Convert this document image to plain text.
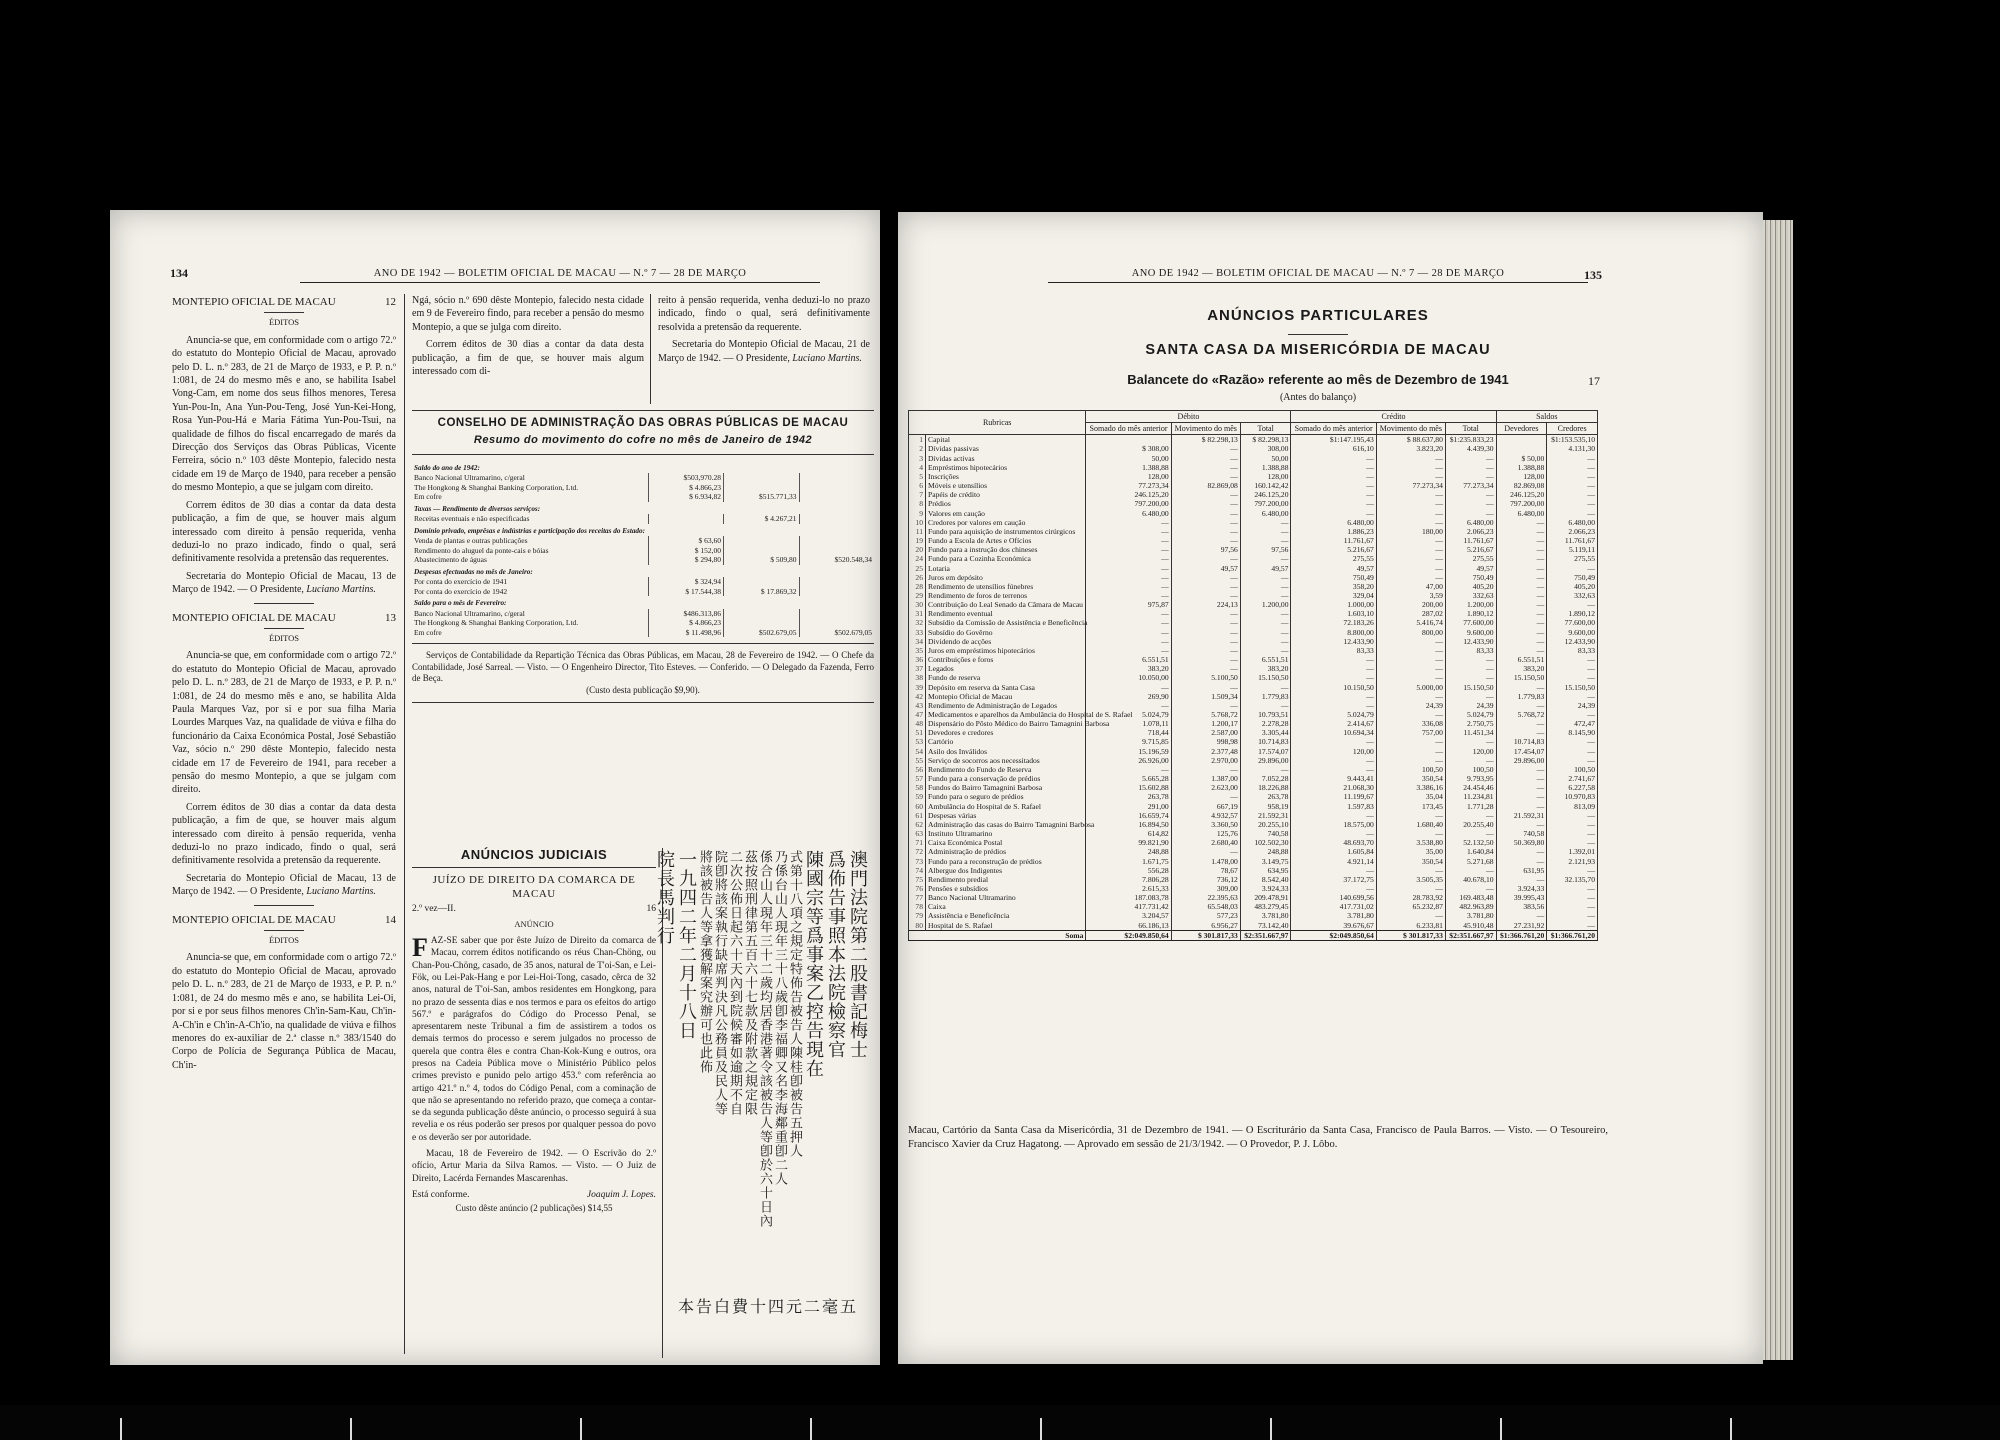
134	ANO DE 1942 — BOLETIM OFICIAL DE MACAU — N.º 7 — 28 DE MARÇO
MONTEPIO OFICIAL DE MACAU	12
ÉDITOS

Anuncia-se que, em conformidade com o artigo 72.º do estatuto do Montepio Oficial de Macau, aprovado pelo D. L. n.º 283, de 21 de Março de 1933, e P. P. n.º 1:081, de 24 do mesmo mês e ano, se habilita Isabel Vong-Cam, em nome dos seus filhos menores, Teresa Yun-Pou-In, Ana Yun-Pou-Teng, José Yun-Kei-Hong, Rosa Yun-Pou-Há e Maria Fátima Yun-Pou-Tsui, na qualidade de filhos do fiscal encarregado de marés da Direcção dos Serviços das Obras Públicas, Vicente Ferreira, sócio n.º 103 dêste Montepio, falecido nesta cidade em 19 de Março de 1940, para receber a pensão do mesmo Montepio, a que se julgam com direito.

Correm éditos de 30 dias a contar da data desta publicação, a fim de que, se houver mais algum interessado com direito à pensão requerida, venha deduzi-lo no prazo indicado, findo o qual, será definitivamente resolvida a pretensão das requerentes.

Secretaria do Montepio Oficial de Macau, 13 de Março de 1942. — O Presidente, Luciano Martins.

MONTEPIO OFICIAL DE MACAU	13
ÉDITOS

Anuncia-se que, em conformidade com o artigo 72.º do estatuto do Montepio Oficial de Macau, aprovado pelo D. L. n.º 283, de 21 de Março de 1933, e P. P. n.º 1:081, de 24 do mesmo mês e ano, se habilita Alda Paula Marques Vaz, por si e por sua filha Maria Lourdes Marques Vaz, na qualidade de viúva e filha do funcionário da Caixa Económica Postal, José Sebastião Vaz, sócio n.º 290 dêste Montepio, falecido nesta cidade em 17 de Fevereiro de 1941, para receber a pensão do mesmo Montepio, a que se julgam com direito.

Correm éditos de 30 dias a contar da data desta publicação, a fim de que, se houver mais algum interessado com direito à pensão requerida, venha deduzi-lo no prazo indicado, findo o qual, será definitivamente resolvida a pretensão da requerente.

Secretaria do Montepio Oficial de Macau, 13 de Março de 1942. — O Presidente, Luciano Martins.

MONTEPIO OFICIAL DE MACAU	14
ÉDITOS

Anuncia-se que, em conformidade com o artigo 72.º do estatuto do Montepio Oficial de Macau, aprovado pelo D. L. n.º 283, de 21 de Março de 1933, e P. P. n.º 1:081, de 24 do mesmo mês e ano, se habilita Lei-Oi, por si e por seus filhos menores Ch'in-Sam-Kau, Ch'in-A-Ch'in e Ch'in-A-Ch'io, na qualidade de viúva e filhos menores do ex-auxiliar de 2.ª classe n.º 383/1540 do Corpo de Polícia de Segurança Pública de Macau, Ch'in-

Ngá, sócio n.º 690 dêste Montepio, falecido nesta cidade em 9 de Fevereiro findo, para receber a pensão do mesmo Montepio, a que se julga com direito.

Correm éditos de 30 dias a contar da data desta publicação, a fim de que, se houver mais algum interessado com di-

reito à pensão requerida, venha deduzi-lo no prazo indicado, findo o qual, será definitivamente resolvida a pretensão da requerente.

Secretaria do Montepio Oficial de Macau, 21 de Março de 1942. — O Presidente, Luciano Martins.

CONSELHO DE ADMINISTRAÇÃO DAS OBRAS PÚBLICAS DE MACAU
Resumo do movimento do cofre no mês de Janeiro de 1942
Saldo do ano de 1942:			
Banco Nacional Ultramarino, c/geral	$503,970.28		
The Hongkong & Shanghai Banking Corporation, Ltd.	$ 4.866,23		
Em cofre	$ 6.934,82	$515.771,33	
Taxas — Rendimento de diversos serviços:			
Receitas eventuais e não especificadas		$ 4.267,21	
Domínio privado, emprêsas e indústrias e participação dos receitas do Estado:			
Venda de plantas e outras publicações	$ 63,60		
Rendimento do aluguel da ponte-cais e bóias	$ 152,00		
Abastecimento de águas	$ 294,80	$ 509,80	$520.548,34
Despesas efectuadas no mês de Janeiro:			
Por conta do exercício de 1941	$ 324,94		
Por conta do exercício de 1942	$ 17.544,38	$ 17.869,32	
Saldo para o mês de Fevereiro:			
Banco Nacional Ultramarino, c/geral	$486.313,86		
The Hongkong & Shanghai Banking Corporation, Ltd.	$ 4.866,23		
Em cofre	$ 11.498,96	$502.679,05	$502.679,05
Serviços de Contabilidade da Repartição Técnica das Obras Públicas, em Macau, 28 de Fevereiro de 1942. — O Chefe da Contabilidade, José Sarreal. — Visto. — O Engenheiro Director, Tito Esteves. — Conferido. — O Delegado da Fazenda, Ferro de Beça.
(Custo desta publicação $9,90).
ANÚNCIOS JUDICIAIS
JUÍZO DE DIREITO DA COMARCA DE MACAU
2.º vez—II.	16
ANÚNCIO
FAZ-SE saber que por êste Juízo de Direito da comarca de Macau, correm éditos notificando os réus Chan-Chöng, ou Chan-Pou-Chöng, casado, de 35 anos, natural de T'oi-San, e Lei-Fök, ou Lei-Pak-Hang e por Lei-Hoi-Tong, casado, cêrca de 32 anos, natural de T'oi-San, ambos residentes em Hongkong, para no prazo de sessenta dias e nos termos e para os efeitos do artigo 567.º e parágrafos do Código do Processo Penal, se apresentarem neste Tribunal a fim de assistirem a todos os demais termos do processo e serem julgados no processo de querela que contra êles e contra Chan-Kok-Kung e outros, ora presos na Cadeia Pública move o Ministério Público pelos crimes previsto e punido pelo artigo 453.º com referência ao artigo 421.º n.º 4, todos do Código Penal, com a cominação de que não se apresentando no referido prazo, que começa a contar-se da segunda publicação dêste anúncio, o processo seguirá à sua revelia e os réus poderão ser presos por qualquer pessoa do povo e os deverão ser por autoridade.

Macau, 18 de Fevereiro de 1942. — O Escrivão do 2.º ofício, Artur Maria da Silva Ramos. — Visto. — O Juiz de Direito, Lacérda Fernandes Mascarenhas.

Está conforme.	Joaquim J. Lopes.
Custo dêste anúncio (2 publicações) $14,55
澳門法院第二股書記梅士
爲佈告事照本法院檢察官
陳國宗等爲事案乙控告現在
式第十八項之規定特佈告被告人陳桂卽被告五押人
乃係台山人現年三十八歲卽李福卿又名李海鄰重卽二人
係合山人現年三十二歲均居香港著令該被告人等卽於六十日內
茲按照刑律第五百六十七款及附款之規定限
二次公佈日起六十天內到院候審如逾期不自
院卽將該案執行缺席判決凡公務員及民人等
將該被告人等拿獲解案究辦可也此佈
一九四二年二月十八日
院長馬判行
本告白費十四元二毫五
ANO DE 1942 — BOLETIM OFICIAL DE MACAU — N.º 7 — 28 DE MARÇO	135
ANÚNCIOS PARTICULARES
SANTA CASA DA MISERICÓRDIA DE MACAU
Balancete do «Razão» referente ao mês de Dezembro de 1941	17
(Antes do balanço)
Rubricas		Débito			Crédito			Saldos	
		Somado do mês anterior	Movimento do mês	Total	Somado do mês anterior	Movimento do mês	Total	Devedores	Credores
1	Capital		$ 82.298,13	$ 82.298,13	$1:147.195,43	$ 88.637,80	$1:235.833,23		$1:153.535,10
2	Dívidas passivas	$ 308,00	—	308,00	616,10	3.823,20	4.439,30		4.131,30
3	Dívidas activas	50,00	—	50,00	—	—	—	$ 50,00	—
4	Empréstimos hipotecários	1.388,88	—	1.388,88	—	—	—	1.388,88	—
5	Inscrições	128,00	—	128,00	—	—	—	128,00	—
6	Móveis e utensílios	77.273,34	82.869,08	160.142,42	—	77.273,34	77.273,34	82.869,08	—
7	Papéis de crédito	246.125,20	—	246.125,20	—	—	—	246.125,20	—
8	Prédios	797.200,00	—	797.200,00	—	—	—	797.200,00	—
9	Valores em caução	6.480,00	—	6.480,00	—	—	—	6.480,00	—
10	Credores por valores em caução	—	—	—	6.480,00	—	6.480,00	—	6.480,00
11	Fundo para aquisição de instrumentos cirúrgicos	—	—	—	1.886,23	180,00	2.066,23	—	2.066,23
19	Fundo a Escola de Artes e Ofícios	—	—	—	11.761,67	—	11.761,67	—	11.761,67
20	Fundo para a instrução dos chineses	—	97,56	97,56	5.216,67	—	5.216,67	—	5.119,11
24	Fundo para a Cozinha Económica	—	—	—	275,55	—	275,55	—	275,55
25	Lotaria	—	49,57	49,57	49,57	—	49,57	—	—
26	Juros em depósito	—	—	—	750,49	—	750,49	—	750,49
28	Rendimento de utensílios fúnebres	—	—	—	358,20	47,00	405,20	—	405,20
29	Rendimento de foros de terrenos	—	—	—	329,04	3,59	332,63	—	332,63
30	Contribuição do Leal Senado da Câmara de Macau	975,87	224,13	1.200,00	1.000,00	200,00	1.200,00	—	—
31	Rendimento eventual	—	—	—	1.603,10	287,02	1.890,12	—	1.890,12
32	Subsídio da Comissão de Assistência e Beneficência	—	—	—	72.183,26	5.416,74	77.600,00	—	77.600,00
33	Subsídio do Govêrno	—	—	—	8.800,00	800,00	9.600,00	—	9.600,00
34	Dividendo de acções	—	—	—	12.433,90	—	12.433,90	—	12.433,90
35	Juros em empréstimos hipotecários	—	—	—	83,33	—	83,33	—	83,33
36	Contribuições e foros	6.551,51	—	6.551,51	—	—	—	6.551,51	—
37	Legados	383,20	—	383,20	—	—	—	383,20	—
38	Fundo de reserva	10.050,00	5.100,50	15.150,50	—	—	—	15.150,50	—
39	Depósito em reserva da Santa Casa	—	—	—	10.150,50	5.000,00	15.150,50	—	15.150,50
42	Montepio Oficial de Macau	269,90	1.509,34	1.779,83	—	—	—	1.779,83	—
43	Rendimento de Administração de Legados	—	—	—	—	24,39	24,39	—	24,39
47	Medicamentos e aparelhos da Ambulância do Hospital de S. Rafael	5.024,79	5.768,72	10.793,51	5.024,79	—	5.024,79	5.768,72	—
48	Dispensário do Pôsto Médico do Bairro Tamagnini Barbosa	1.078,11	1.200,17	2.278,28	2.414,67	336,08	2.750,75	—	472,47
51	Devedores e credores	718,44	2.587,00	3.305,44	10.694,34	757,00	11.451,34	—	8.145,90
53	Cartório	9.715,85	998,98	10.714,83	—	—	—	10.714,83	—
54	Asilo dos Inválidos	15.196,59	2.377,48	17.574,07	120,00	—	120,00	17.454,07	—
55	Serviço de socorros aos necessitados	26.926,00	2.970,00	29.896,00	—	—	—	29.896,00	—
56	Rendimento do Fundo de Reserva	—	—	—	—	100,50	100,50	—	100,50
57	Fundo para a conservação de prédios	5.665,28	1.387,00	7.052,28	9.443,41	350,54	9.793,95	—	2.741,67
58	Fundos do Bairro Tamagnini Barbosa	15.602,88	2.623,00	18.226,88	21.068,30	3.386,16	24.454,46	—	6.227,58
59	Fundo para o seguro de prédios	263,78	—	263,78	11.199,67	35,04	11.234,81	—	10.970,83
60	Ambulância do Hospital de S. Rafael	291,00	667,19	958,19	1.597,83	173,45	1.771,28	—	813,09
61	Despesas várias	16.659,74	4.932,57	21.592,31	—	—	—	21.592,31	—
62	Administração das casas do Bairro Tamagnini Barbosa	16.894,50	3.360,50	20.255,10	18.575,00	1.680,40	20.255,40	—	—
63	Instituto Ultramarino	614,82	125,76	740,58	—	—	—	740,58	—
71	Caixa Económica Postal	99.821,90	2.680,40	102.502,30	48.693,70	3.538,80	52.132,50	50.369,80	—
72	Administração de prédios	248,88	—	248,88	1.605,84	35,00	1.640,84	—	1.392,01
73	Fundo para a reconstrução de prédios	1.671,75	1.478,00	3.149,75	4.921,14	350,54	5.271,68	—	2.121,93
74	Albergue dos Indigentes	556,28	78,67	634,95	—	—	—	631,95	—
75	Rendimento predial	7.806,28	736,12	8.542,40	37.172,75	3.505,35	40.678,10	—	32.135,70
76	Pensões e subsídios	2.615,33	309,00	3.924,33	—	—	—	3.924,33	—
77	Banco Nacional Ultramarino	187.083,78	22.395,63	209.478,91	140.699,56	28.783,92	169.483,48	39.995,43	—
78	Caixa	417.731,42	65.548,03	483.279,45	417.731,02	65.232,87	482.963,89	383,56	—
79	Assistência e Beneficência	3.204,57	577,23	3.781,80	3.781,80	—	3.781,80	—	—
80	Hospital de S. Rafael	66.186,13	6.956,27	73.142,40	39.676,67	6.233,81	45.910,48	27.231,92	—
Soma		$2:049.850,64	$ 301.817,33	$2:351.667,97	$2:049.850,64	$ 301.817,33	$2:351.667,97	$1:366.761,20	$1:366.761,20
Macau, Cartório da Santa Casa da Misericórdia, 31 de Dezembro de 1941. — O Escriturário da Santa Casa, Francisco de Paula Barros. — Visto. — O Tesoureiro, Francisco Xavier da Cruz Hagatong. — Aprovado em sessão de 21/3/1942. — O Provedor, P. J. Lôbo.
